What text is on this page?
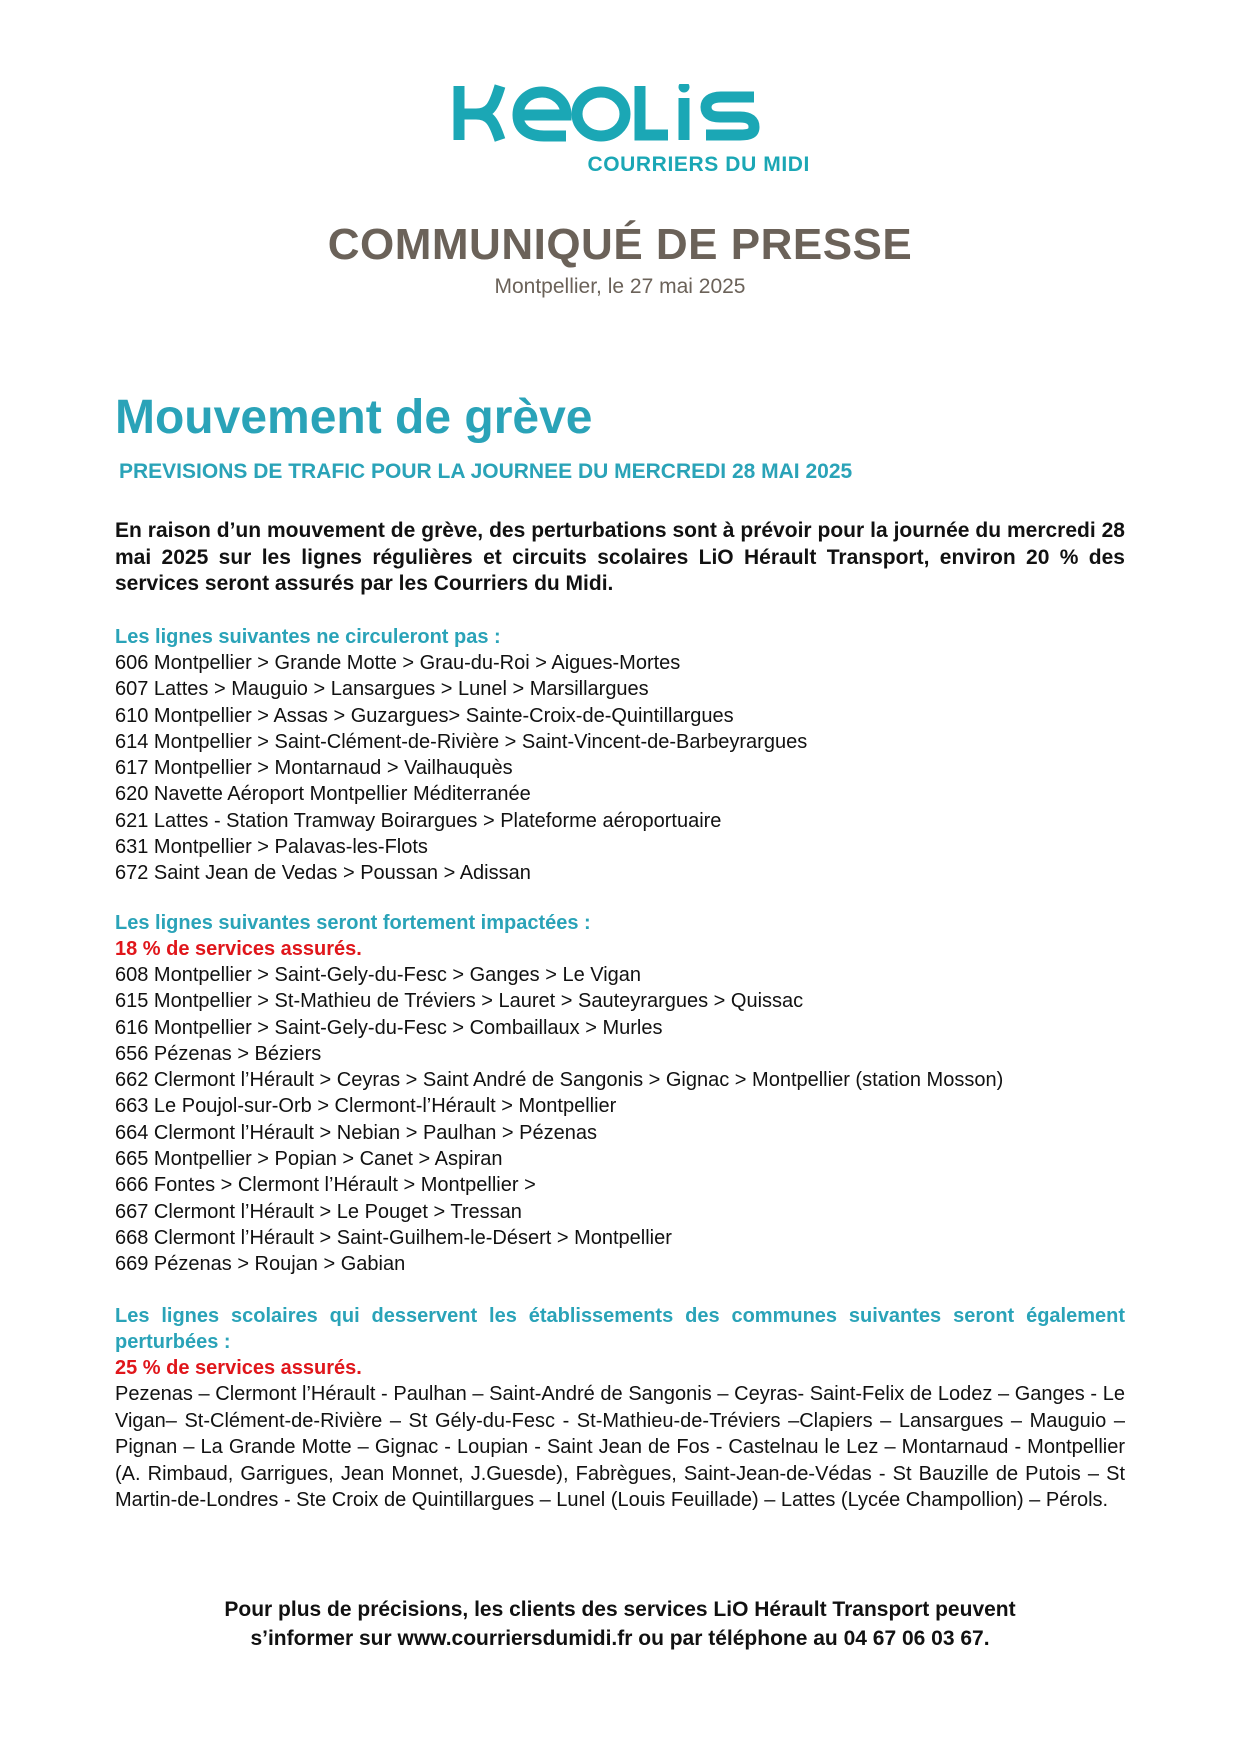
COURRIERS DU MIDI
COMMUNIQUÉ DE PRESSE
Montpellier, le 27 mai 2025
Mouvement de grève
PREVISIONS DE TRAFIC POUR LA JOURNEE DU MERCREDI 28 MAI 2025

En raison d’un mouvement de grève, des perturbations sont à prévoir pour la journée du mercredi 28 mai 2025 sur les lignes régulières et circuits scolaires LiO Hérault Transport, environ 20 % des services seront assurés par les Courriers du Midi.

Les lignes suivantes ne circuleront pas :

606 Montpellier > Grande Motte > Grau-du-Roi > Aigues-Mortes
607 Lattes > Mauguio > Lansargues > Lunel > Marsillargues
610 Montpellier > Assas > Guzargues> Sainte-Croix-de-Quintillargues
614 Montpellier > Saint-Clément-de-Rivière > Saint-Vincent-de-Barbeyrargues
617 Montpellier > Montarnaud > Vailhauquès
620 Navette Aéroport Montpellier Méditerranée
621 Lattes - Station Tramway Boirargues > Plateforme aéroportuaire
631 Montpellier > Palavas-les-Flots
672 Saint Jean de Vedas > Poussan > Adissan

Les lignes suivantes seront fortement impactées :

18 % de services assurés.

608 Montpellier > Saint-Gely-du-Fesc > Ganges > Le Vigan
615 Montpellier > St-Mathieu de Tréviers > Lauret > Sauteyrargues > Quissac
616 Montpellier > Saint-Gely-du-Fesc > Combaillaux > Murles
656 Pézenas > Béziers
662 Clermont l’Hérault > Ceyras > Saint André de Sangonis > Gignac > Montpellier (station Mosson)
663 Le Poujol-sur-Orb > Clermont-l’Hérault > Montpellier
664 Clermont l’Hérault > Nebian > Paulhan > Pézenas
665 Montpellier > Popian > Canet > Aspiran
666 Fontes > Clermont l’Hérault > Montpellier >
667 Clermont l’Hérault > Le Pouget > Tressan
668 Clermont l’Hérault > Saint-Guilhem-le-Désert > Montpellier
669 Pézenas > Roujan > Gabian

Les lignes scolaires qui desservent les établissements des communes suivantes seront également perturbées :

25 % de services assurés.

Pezenas – Clermont l’Hérault - Paulhan – Saint-André de Sangonis – Ceyras- Saint-Felix de Lodez – Ganges - Le Vigan– St-Clément-de-Rivière – St Gély-du-Fesc - St-Mathieu-de-Tréviers –Clapiers – Lansargues – Mauguio – Pignan – La Grande Motte – Gignac - Loupian - Saint Jean de Fos - Castelnau le Lez – Montarnaud - Montpellier (A. Rimbaud, Garrigues, Jean Monnet, J.Guesde), Fabrègues, Saint-Jean-de-Védas - St Bauzille de Putois – St Martin-de-Londres - Ste Croix de Quintillargues – Lunel (Louis Feuillade) – Lattes (Lycée Champollion) – Pérols.

Pour plus de précisions, les clients des services LiO Hérault Transport peuvent
s’informer sur www.courriersdumidi.fr ou par téléphone au 04 67 06 03 67.
